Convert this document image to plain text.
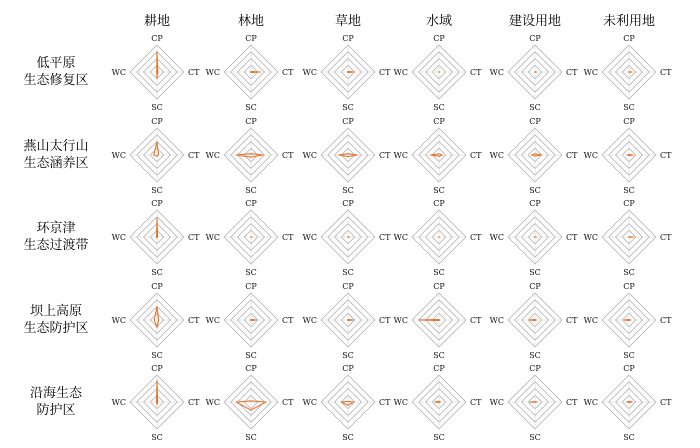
耕地	林地	草地	水域	建设用地	未利用地
低平原
生态修复区
燕山太行山
生态涵养区
环京津
生态过渡带
坝上高原
生态防护区
沿海生态
防护区
CP
CT
SC
WC
CP
CT
SC
WC
CP
CT
SC
WC
CP
CT
SC
WC
CP
CT
SC
WC
CP
CT
SC
WC
CP
CT
SC
WC
CP
CT
SC
WC
CP
CT
SC
WC
CP
CT
SC
WC
CP
CT
SC
WC
CP
CT
SC
WC
CP
CT
SC
WC
CP
CT
SC
WC
CP
CT
SC
WC
CP
CT
SC
WC
CP
CT
SC
WC
CP
CT
SC
WC
CP
CT
SC
WC
CP
CT
SC
WC
CP
CT
SC
WC
CP
CT
SC
WC
CP
CT
SC
WC
CP
CT
SC
WC
CP
CT
SC
WC
CP
CT
SC
WC
CP
CT
SC
WC
CP
CT
SC
WC
CP
CT
SC
WC
CP
CT
SC
WC
